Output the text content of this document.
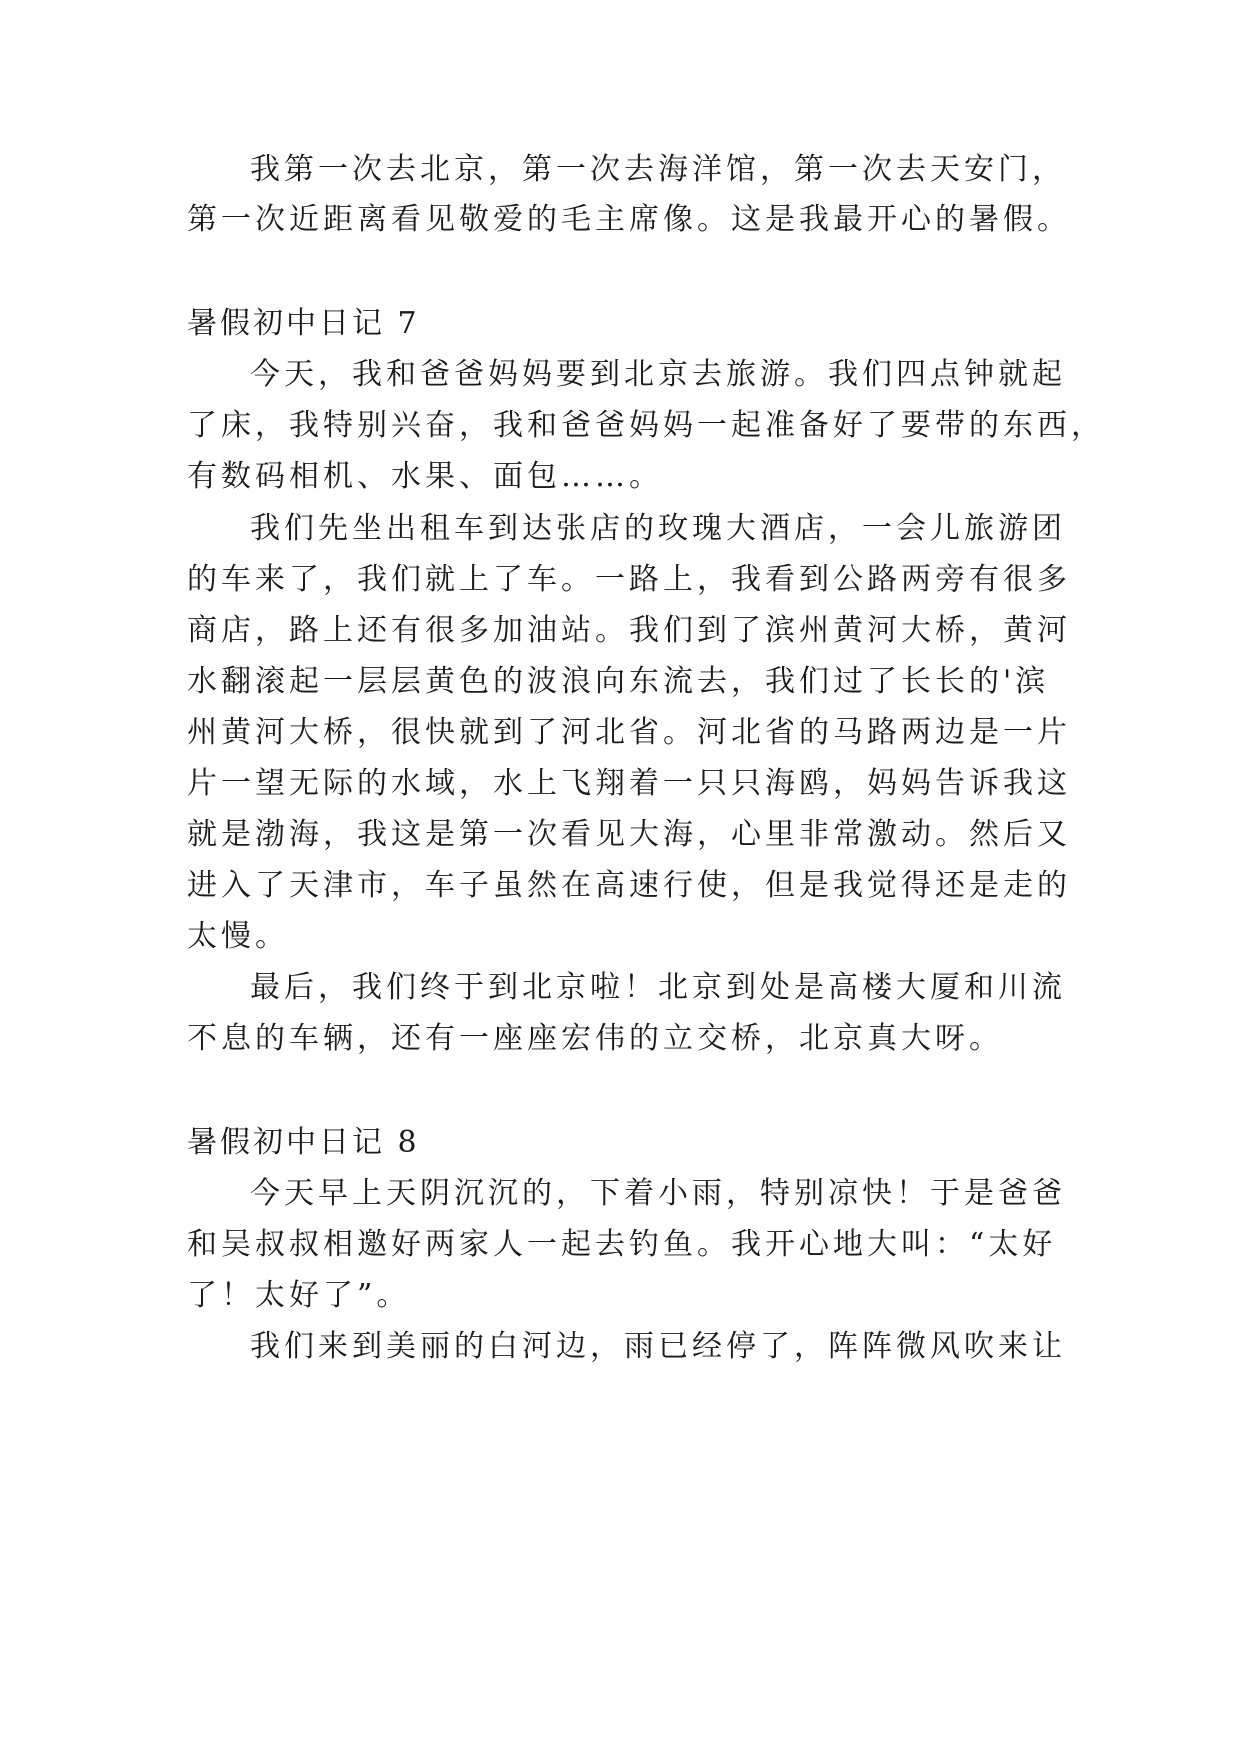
我第一次去北京，第一次去海洋馆，第一次去天安门，
第一次近距离看见敬爱的毛主席像。这是我最开心的暑假。
暑假初中日记 7
今天，我和爸爸妈妈要到北京去旅游。我们四点钟就起
了床，我特别兴奋，我和爸爸妈妈一起准备好了要带的东西，
有数码相机、水果、面包……。
我们先坐出租车到达张店的玫瑰大酒店，一会儿旅游团
的车来了，我们就上了车。一路上，我看到公路两旁有很多
商店，路上还有很多加油站。我们到了滨州黄河大桥，黄河
水翻滚起一层层黄色的波浪向东流去，我们过了长长的'滨
州黄河大桥，很快就到了河北省。河北省的马路两边是一片
片一望无际的水域，水上飞翔着一只只海鸥，妈妈告诉我这
就是渤海，我这是第一次看见大海，心里非常激动。然后又
进入了天津市，车子虽然在高速行使，但是我觉得还是走的
太慢。
最后，我们终于到北京啦！北京到处是高楼大厦和川流
不息的车辆，还有一座座宏伟的立交桥，北京真大呀。
暑假初中日记 8
今天早上天阴沉沉的，下着小雨，特别凉快！于是爸爸
和吴叔叔相邀好两家人一起去钓鱼。我开心地大叫：“太好
了！太好了”。
我们来到美丽的白河边，雨已经停了，阵阵微风吹来让
